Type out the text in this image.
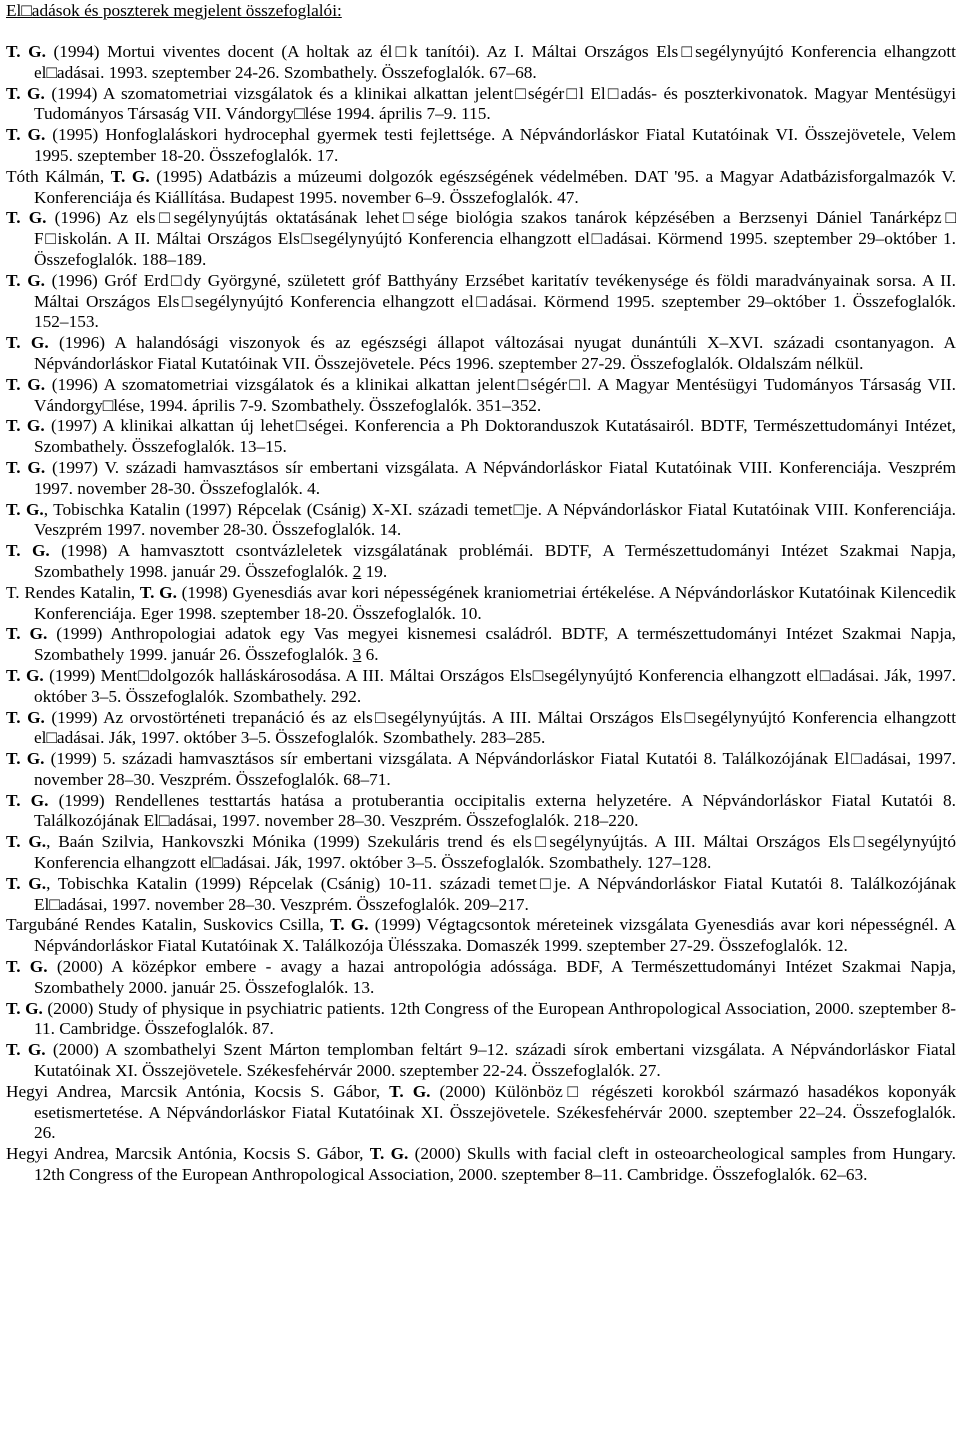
El□adások és poszterek megjelent összefoglalói:

T. G. (1994) Mortui viventes docent (A holtak az él□k tanítói). Az I. Máltai Országos Els□segélynyújtó Konferencia elhangzott el□adásai. 1993. szeptember 24-26. Szombathely. Összefoglalók. 67–68.

T. G. (1994) A szomatometriai vizsgálatok és a klinikai alkattan jelent□ségér□l El□adás- és poszterkivonatok. Magyar Mentésügyi Tudományos Társaság VII. Vándorgy□lése 1994. április 7–9. 115.

T. G. (1995) Honfoglaláskori hydrocephal gyermek testi fejlettsége. A Népvándorláskor Fiatal Kutatóinak VI. Összejövetele, Velem 1995. szeptember 18-20. Összefoglalók. 17.

Tóth Kálmán, T. G. (1995) Adatbázis a múzeumi dolgozók egészségének védelmében. DAT '95. a Magyar Adatbázisforgalmazók V. Konferenciája és Kiállítása. Budapest 1995. november 6–9. Összefoglalók. 47.

T. G. (1996) Az els□segélynyújtás oktatásának lehet□sége biológia szakos tanárok képzésében a Berzsenyi Dániel Tanárképz□ F□iskolán. A II. Máltai Országos Els□segélynyújtó Konferencia elhangzott el□adásai. Körmend 1995. szeptember 29–október 1. Összefoglalók. 188–189.

T. G. (1996) Gróf Erd□dy Györgyné, született gróf Batthyány Erzsébet karitatív tevékenysége és földi maradványainak sorsa. A II. Máltai Országos Els□segélynyújtó Konferencia elhangzott el□adásai. Körmend 1995. szeptember 29–október 1. Összefoglalók. 152–153.

T. G. (1996) A halandósági viszonyok és az egészségi állapot változásai nyugat dunántúli X–XVI. századi csontanyagon. A Népvándorláskor Fiatal Kutatóinak VII. Összejövetele. Pécs 1996. szeptember 27-29. Összefoglalók. Oldalszám nélkül.

T. G. (1996) A szomatometriai vizsgálatok és a klinikai alkattan jelent□ségér□l. A Magyar Mentésügyi Tudományos Társaság VII. Vándorgy□lése, 1994. április 7-9. Szombathely. Összefoglalók. 351–352.

T. G. (1997) A klinikai alkattan új lehet□ségei. Konferencia a Ph Doktoranduszok Kutatásairól. BDTF, Természettudományi Intézet, Szombathely. Összefoglalók. 13–15.

T. G. (1997) V. századi hamvasztásos sír embertani vizsgálata. A Népvándorláskor Fiatal Kutatóinak VIII. Konferenciája. Veszprém 1997. november 28-30. Összefoglalók. 4.

T. G., Tobischka Katalin (1997) Répcelak (Csánig) X-XI. századi temet□je. A Népvándorláskor Fiatal Kutatóinak VIII. Konferenciája. Veszprém 1997. november 28-30. Összefoglalók. 14.

T. G. (1998) A hamvasztott csontvázleletek vizsgálatának problémái. BDTF, A Természettudományi Intézet Szakmai Napja, Szombathely 1998. január 29. Összefoglalók. 2 19.

T. Rendes Katalin, T. G. (1998) Gyenesdiás avar kori népességének kraniometriai értékelése. A Népvándorláskor Kutatóinak Kilencedik Konferenciája. Eger 1998. szeptember 18-20. Összefoglalók. 10.

T. G. (1999) Anthropologiai adatok egy Vas megyei kisnemesi családról. BDTF, A természettudományi Intézet Szakmai Napja, Szombathely 1999. január 26. Összefoglalók. 3 6.

T. G. (1999) Ment□dolgozók halláskárosodása. A III. Máltai Országos Els□segélynyújtó Konferencia elhangzott el□adásai. Ják, 1997. október 3–5. Összefoglalók. Szombathely. 292.

T. G. (1999) Az orvostörténeti trepanáció és az els□segélynyújtás. A III. Máltai Országos Els□segélynyújtó Konferencia elhangzott el□adásai. Ják, 1997. október 3–5. Összefoglalók. Szombathely. 283–285.

T. G. (1999) 5. századi hamvasztásos sír embertani vizsgálata. A Népvándorláskor Fiatal Kutatói 8. Találkozójának El□adásai, 1997. november 28–30. Veszprém. Összefoglalók. 68–71.

T. G. (1999) Rendellenes testtartás hatása a protuberantia occipitalis externa helyzetére. A Népvándorláskor Fiatal Kutatói 8. Találkozójának El□adásai, 1997. november 28–30. Veszprém. Összefoglalók. 218–220.

T. G., Baán Szilvia, Hankovszki Mónika (1999) Szekuláris trend és els□segélynyújtás. A III. Máltai Országos Els□segélynyújtó Konferencia elhangzott el□adásai. Ják, 1997. október 3–5. Összefoglalók. Szombathely. 127–128.

T. G., Tobischka Katalin (1999) Répcelak (Csánig) 10-11. századi temet□je. A Népvándorláskor Fiatal Kutatói 8. Találkozójának El□adásai, 1997. november 28–30. Veszprém. Összefoglalók. 209–217.

Targubáné Rendes Katalin, Suskovics Csilla, T. G. (1999) Végtagcsontok méreteinek vizsgálata Gyenesdiás avar kori népességnél. A Népvándorláskor Fiatal Kutatóinak X. Találkozója Ülésszaka. Domaszék 1999. szeptember 27-29. Összefoglalók. 12.

T. G. (2000) A középkor embere - avagy a hazai antropológia adóssága. BDF, A Természettudományi Intézet Szakmai Napja, Szombathely 2000. január 25. Összefoglalók. 13.

T. G. (2000) Study of physique in psychiatric patients. 12th Congress of the European Anthropological Association, 2000. szeptember 8-11. Cambridge. Összefoglalók. 87.

T. G. (2000) A szombathelyi Szent Márton templomban feltárt 9–12. századi sírok embertani vizsgálata. A Népvándorláskor Fiatal Kutatóinak XI. Összejövetele. Székesfehérvár 2000. szeptember 22-24. Összefoglalók. 27.

Hegyi Andrea, Marcsik Antónia, Kocsis S. Gábor, T. G. (2000) Különböz□ régészeti korokból származó hasadékos koponyák esetismertetése. A Népvándorláskor Fiatal Kutatóinak XI. Összejövetele. Székesfehérvár 2000. szeptember 22–24. Összefoglalók. 26.

Hegyi Andrea, Marcsik Antónia, Kocsis S. Gábor, T. G. (2000) Skulls with facial cleft in osteoarcheological samples from Hungary. 12th Congress of the European Anthropological Association, 2000. szeptember 8–11. Cambridge. Összefoglalók. 62–63.
